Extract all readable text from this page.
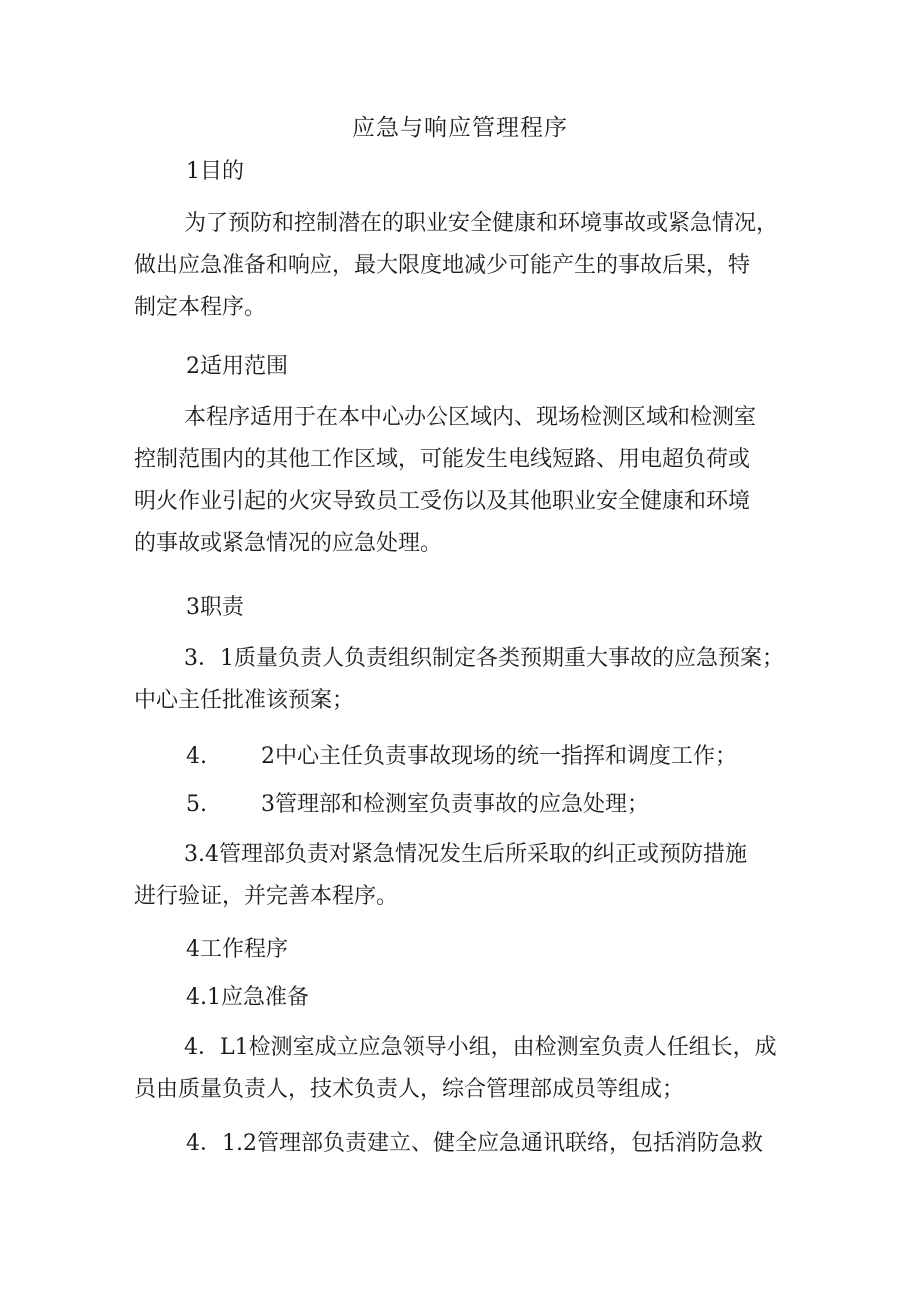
应急与响应管理程序
1目的
为了预防和控制潜在的职业安全健康和环境事故或紧急情况，
做出应急准备和响应，最大限度地减少可能产生的事故后果，特
制定本程序。
2适用范围
本程序适用于在本中心办公区域内、现场检测区域和检测室
控制范围内的其他工作区域，可能发生电线短路、用电超负荷或
明火作业引起的火灾导致员工受伤以及其他职业安全健康和环境
的事故或紧急情况的应急处理。
3职责
3．1质量负责人负责组织制定各类预期重大事故的应急预案；
中心主任批准该预案；
4. 2中心主任负责事故现场的统一指挥和调度工作；
5. 3管理部和检测室负责事故的应急处理；
3.4管理部负责对紧急情况发生后所采取的纠正或预防措施
进行验证，并完善本程序。
4工作程序
4.1应急准备
4．L1检测室成立应急领导小组，由检测室负责人任组长，成
员由质量负责人，技术负责人，综合管理部成员等组成；
4．1.2管理部负责建立、健全应急通讯联络，包括消防急救
